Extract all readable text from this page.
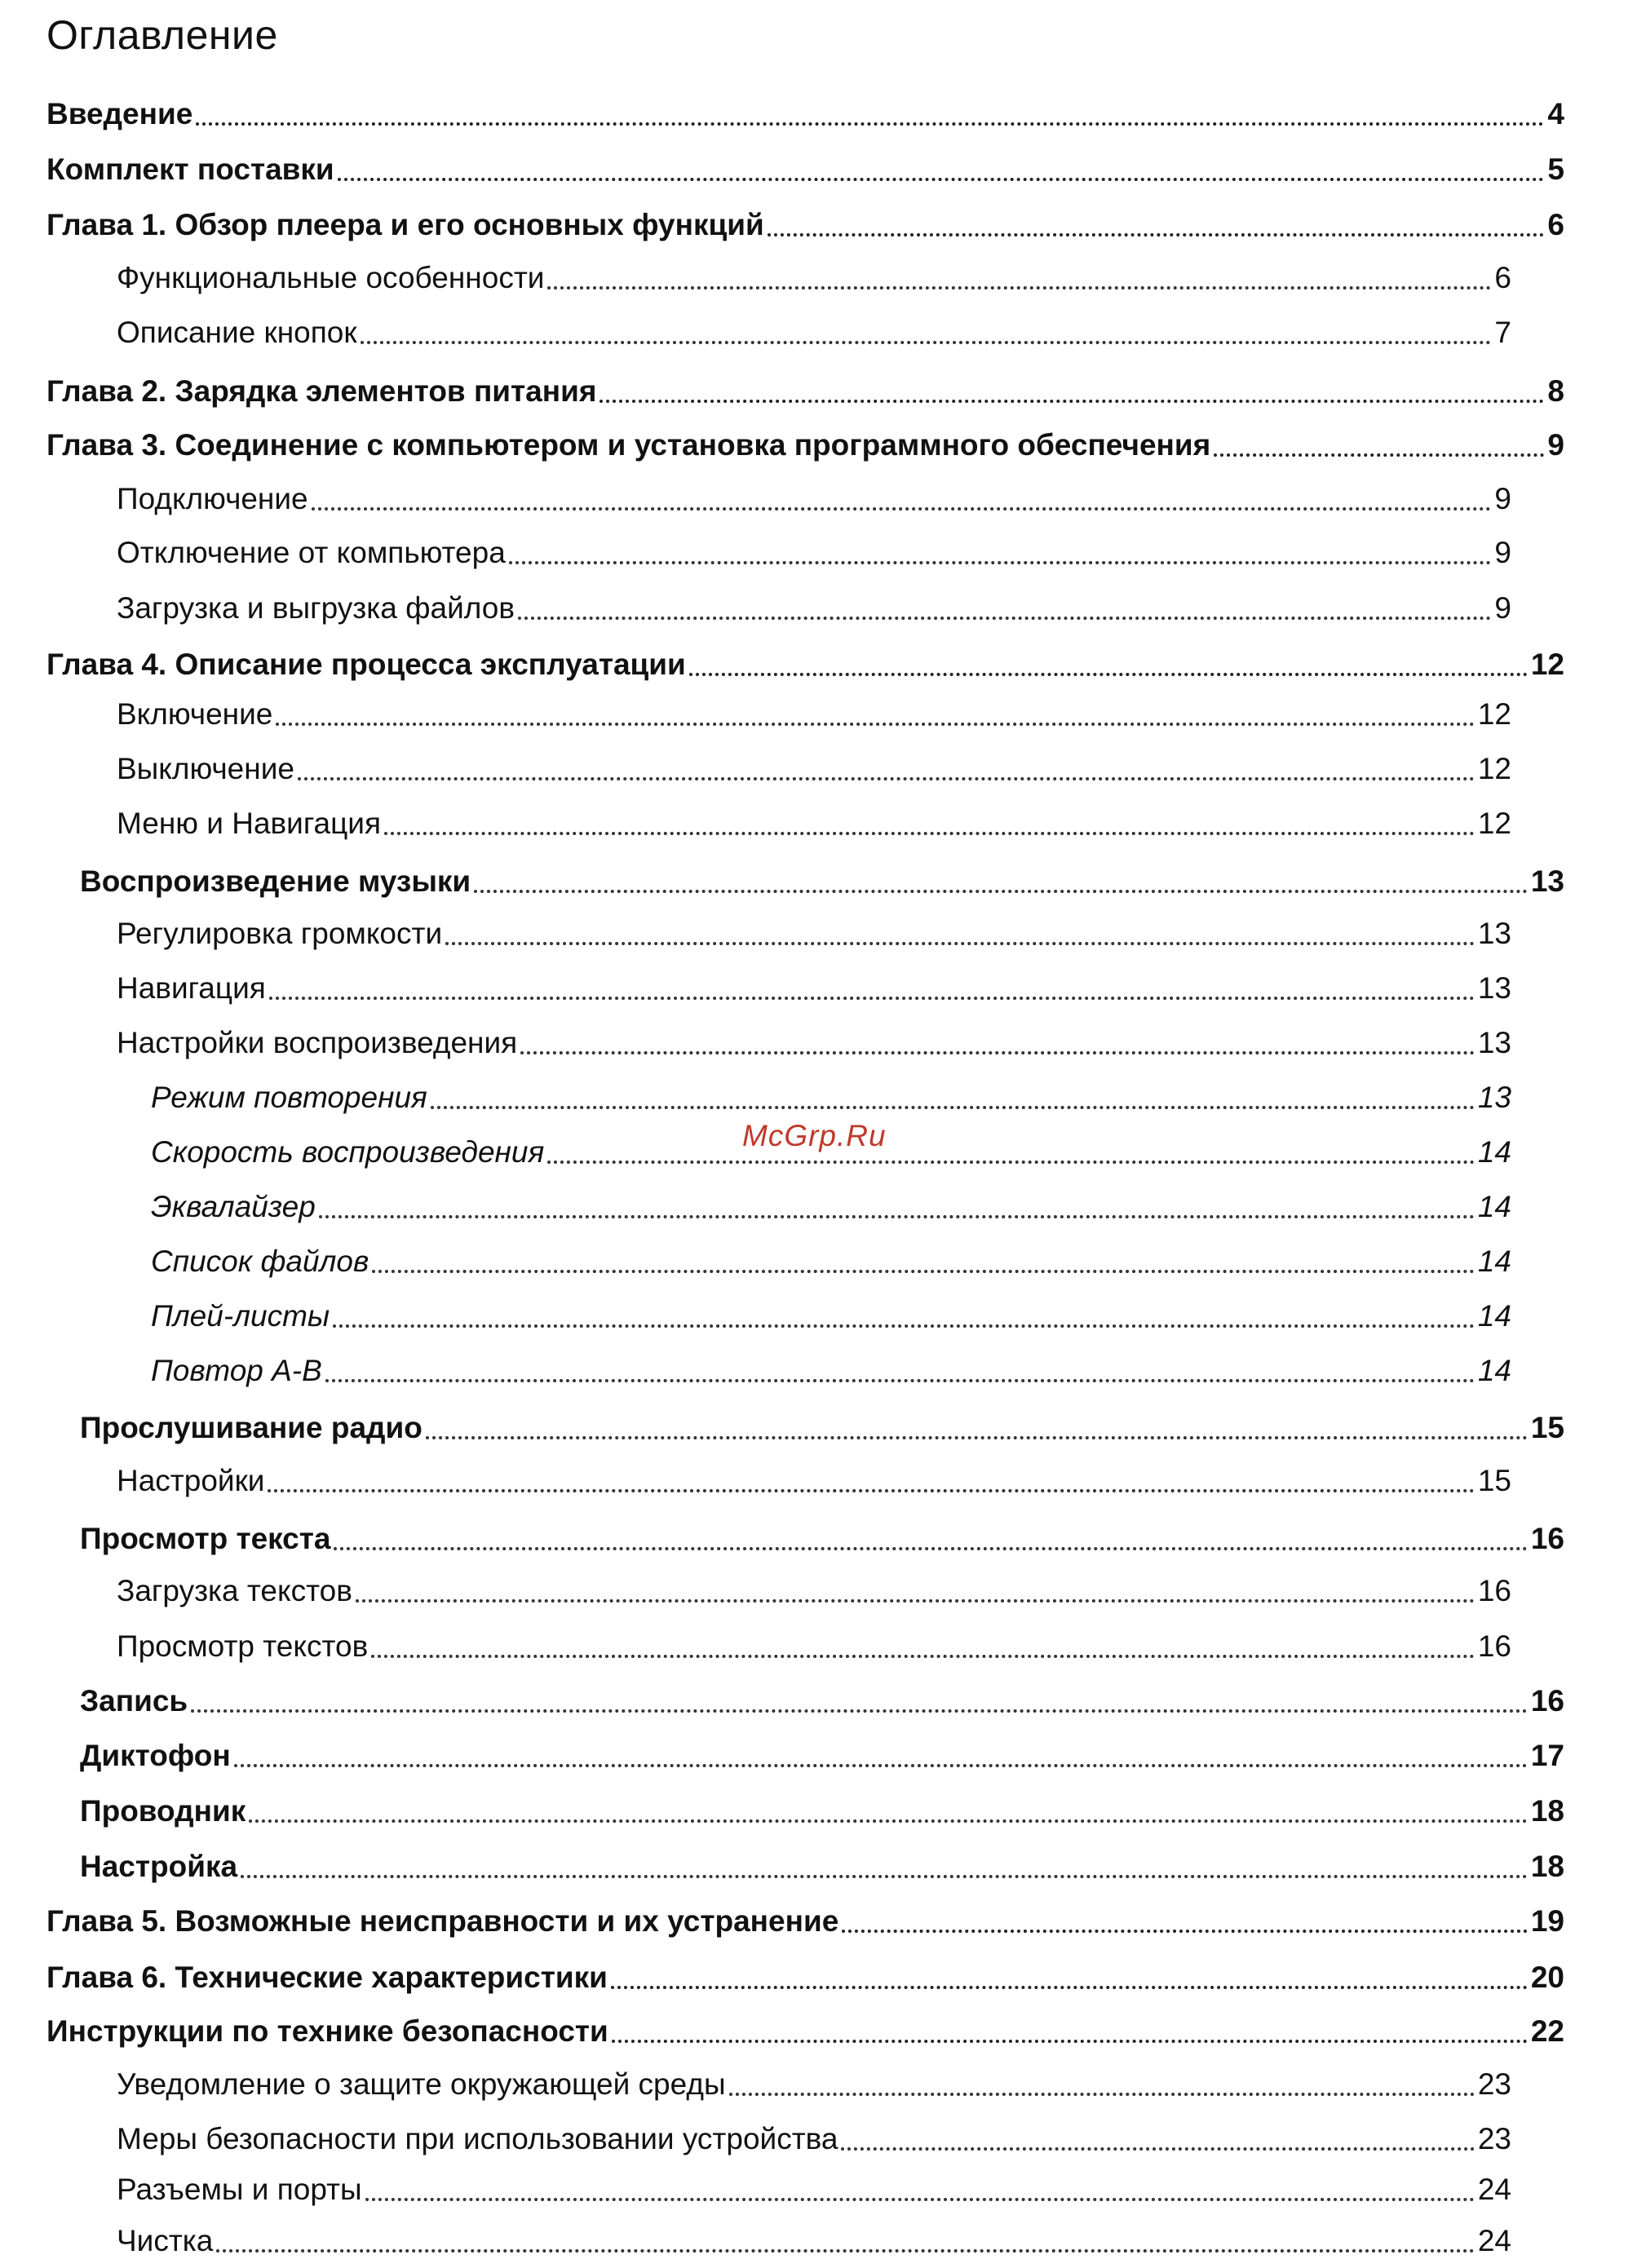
Оглавление
Введение	4
Комплект поставки	5
Глава 1. Обзор плеера и его основных функций	6
Функциональные особенности	6
Описание кнопок	7
Глава 2. Зарядка элементов питания	8
Глава 3. Соединение с компьютером и установка программного обеспечения	9
Подключение	9
Отключение от компьютера	9
Загрузка и выгрузка файлов	9
Глава 4. Описание процесса эксплуатации	12
Включение	12
Выключение	12
Меню и Навигация	12
Воспроизведение музыки	13
Регулировка громкости	13
Навигация	13
Настройки воспроизведения	13
Режим повторения	13
Скорость воспроизведения	14
Эквалайзер	14
Список файлов	14
Плей-листы	14
Повтор А-В	14
Прослушивание радио	15
Настройки	15
Просмотр текста	16
Загрузка текстов	16
Просмотр текстов	16
Запись	16
Диктофон	17
Проводник	18
Настройка	18
Глава 5. Возможные неисправности и их устранение	19
Глава 6. Технические характеристики	20
Инструкции по технике безопасности	22
Уведомление о защите окружающей среды	23
Меры безопасности при использовании устройства	23
Разъемы и порты	24
Чистка	24
McGrp.Ru
